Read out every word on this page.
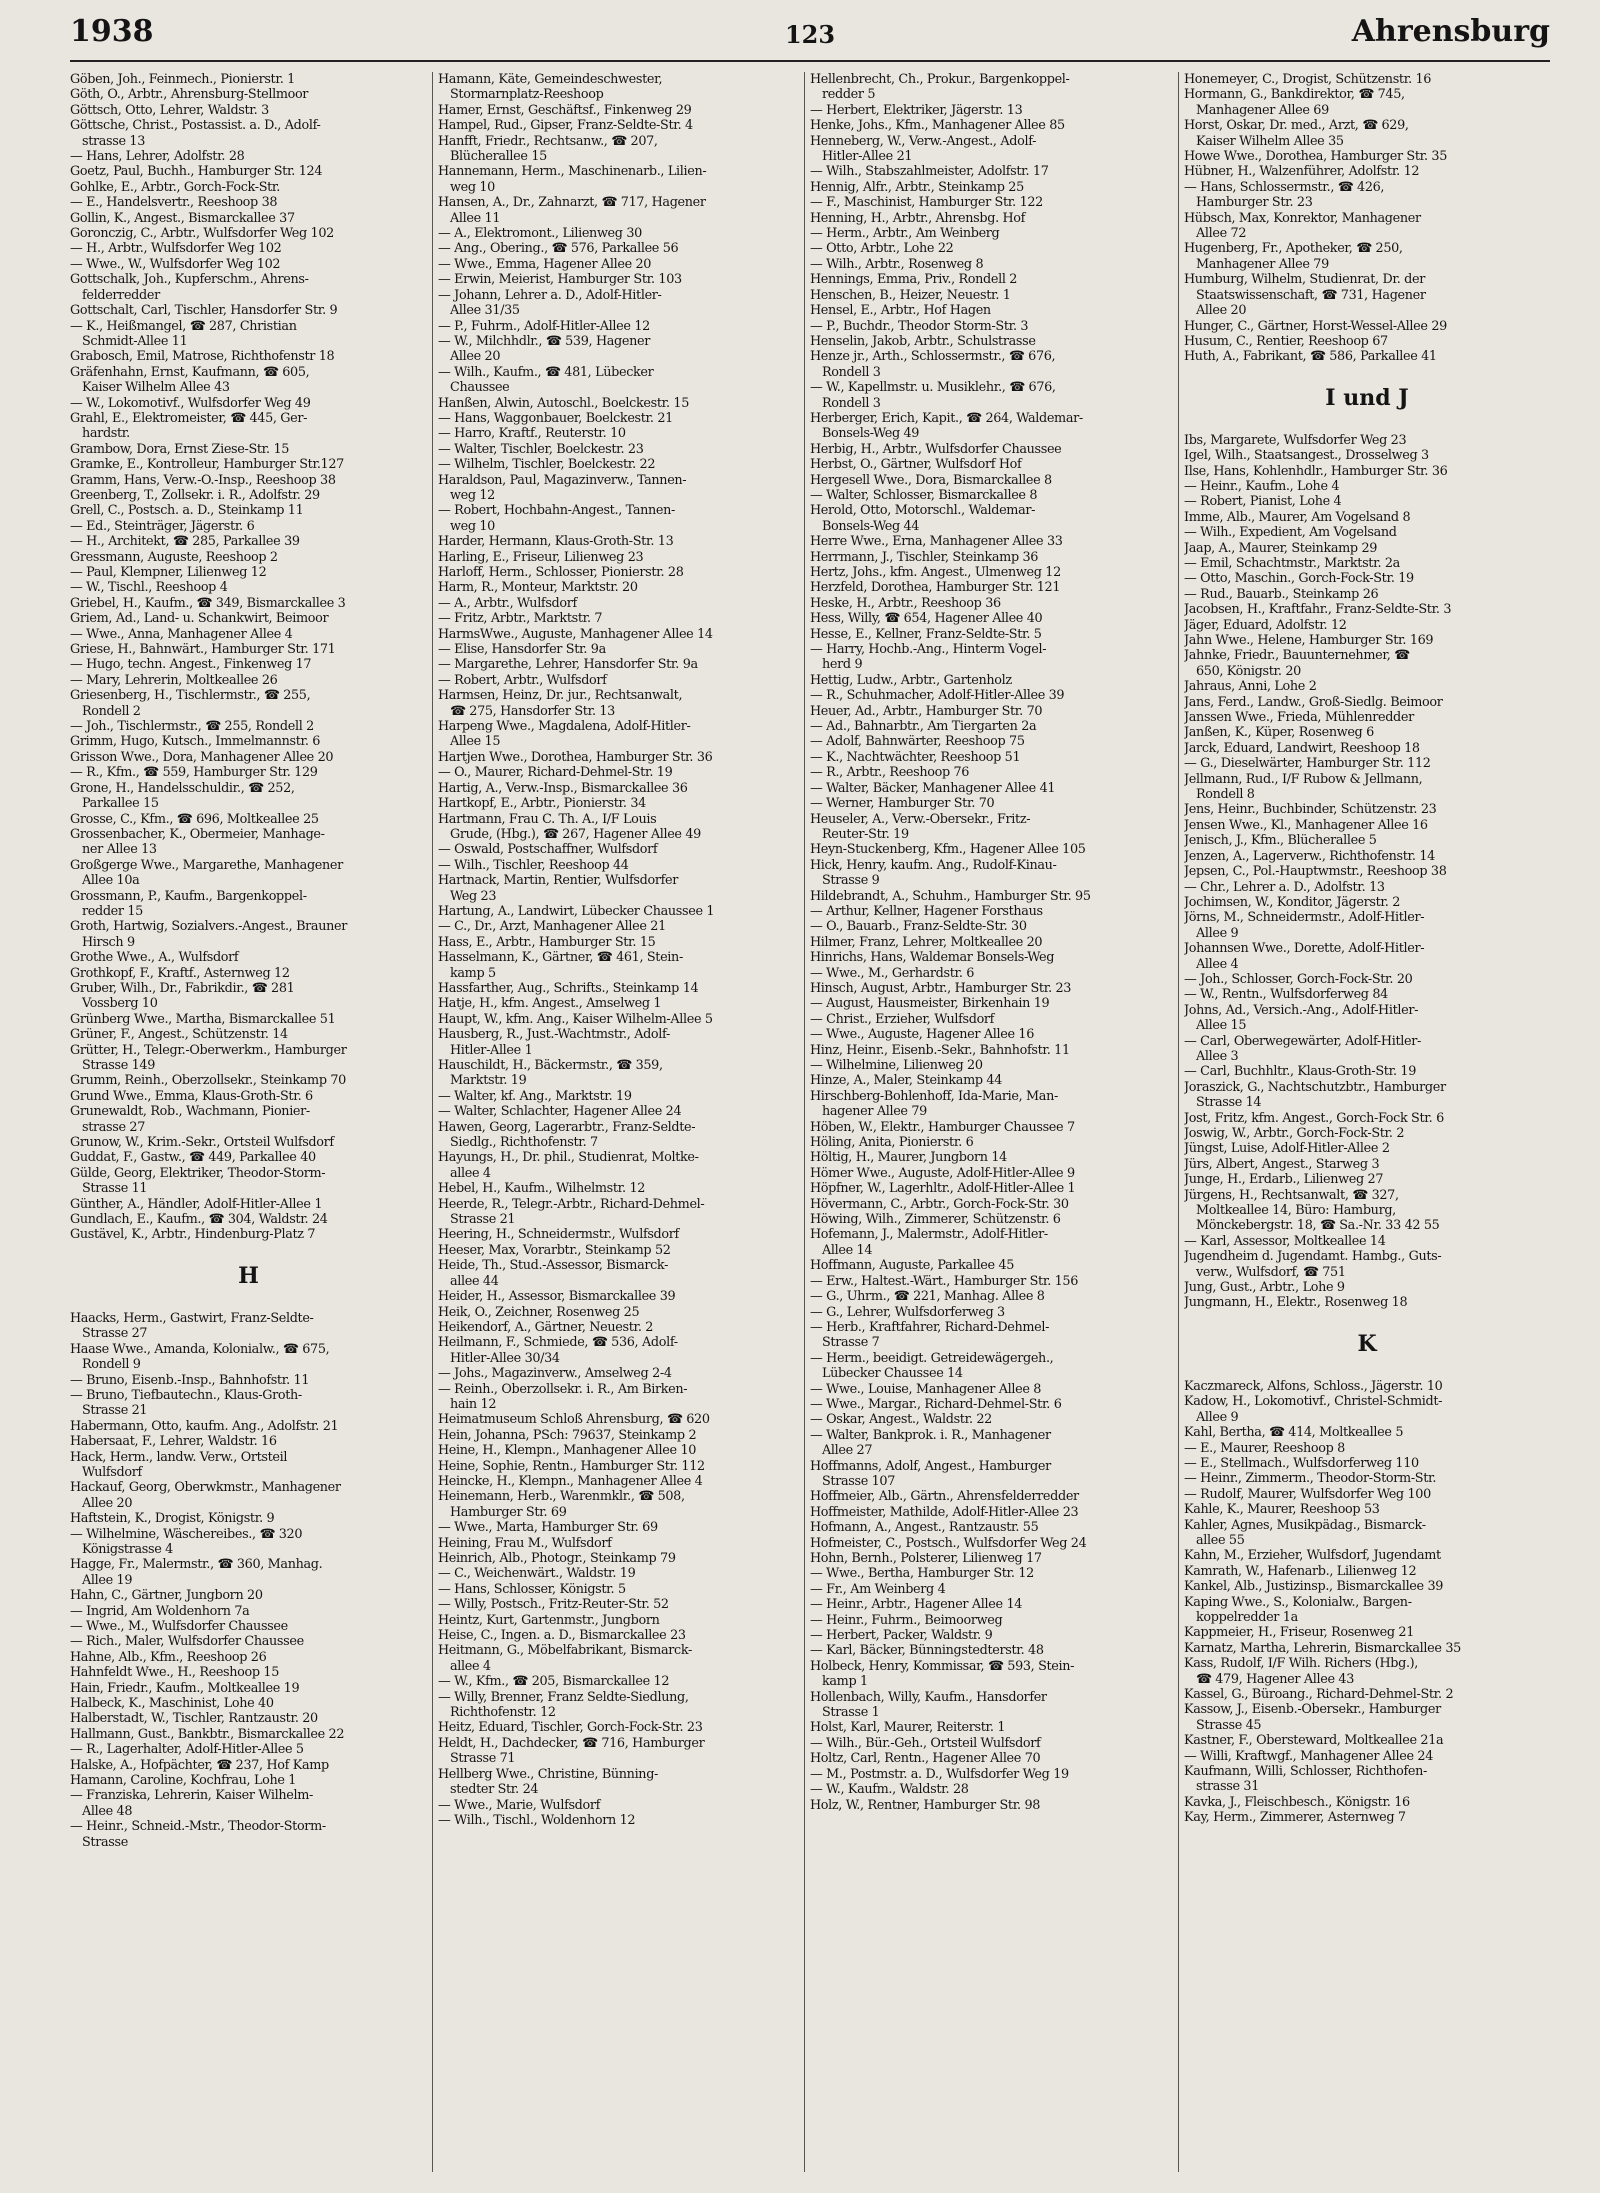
1938	123	Ahrensburg
Göben, Joh., Feinmech., Pionierstr. 1
Göth, O., Arbtr., Ahrensburg-Stellmoor
Göttsch, Otto, Lehrer, Waldstr. 3
Göttsche, Christ., Postassist. a. D., Adolf-
strasse 13
— Hans, Lehrer, Adolfstr. 28
Goetz, Paul, Buchh., Hamburger Str. 124
Gohlke, E., Arbtr., Gorch-Fock-Str.
— E., Handelsvertr., Reeshoop 38
Gollin, K., Angest., Bismarckallee 37
Goronczig, C., Arbtr., Wulfsdorfer Weg 102
— H., Arbtr., Wulfsdorfer Weg 102
— Wwe., W., Wulfsdorfer Weg 102
Gottschalk, Joh., Kupferschm., Ahrens-
felderredder
Gottschalt, Carl, Tischler, Hansdorfer Str. 9
— K., Heißmangel, ☎ 287, Christian
Schmidt-Allee 11
Grabosch, Emil, Matrose, Richthofenstr 18
Gräfenhahn, Ernst, Kaufmann, ☎ 605,
Kaiser Wilhelm Allee 43
— W., Lokomotivf., Wulfsdorfer Weg 49
Grahl, E., Elektromeister, ☎ 445, Ger-
hardstr.
Grambow, Dora, Ernst Ziese-Str. 15
Gramke, E., Kontrolleur, Hamburger Str.127
Gramm, Hans, Verw.-O.-Insp., Reeshoop 38
Greenberg, T., Zollsekr. i. R., Adolfstr. 29
Grell, C., Postsch. a. D., Steinkamp 11
— Ed., Steinträger, Jägerstr. 6
— H., Architekt, ☎ 285, Parkallee 39
Gressmann, Auguste, Reeshoop 2
— Paul, Klempner, Lilienweg 12
— W., Tischl., Reeshoop 4
Griebel, H., Kaufm., ☎ 349, Bismarckallee 3
Griem, Ad., Land- u. Schankwirt, Beimoor
— Wwe., Anna, Manhagener Allee 4
Griese, H., Bahnwärt., Hamburger Str. 171
— Hugo, techn. Angest., Finkenweg 17
— Mary, Lehrerin, Moltkeallee 26
Griesenberg, H., Tischlermstr., ☎ 255,
Rondell 2
— Joh., Tischlermstr., ☎ 255, Rondell 2
Grimm, Hugo, Kutsch., Immelmannstr. 6
Grisson Wwe., Dora, Manhagener Allee 20
— R., Kfm., ☎ 559, Hamburger Str. 129
Grone, H., Handelsschuldir., ☎ 252,
Parkallee 15
Grosse, C., Kfm., ☎ 696, Moltkeallee 25
Grossenbacher, K., Obermeier, Manhage-
ner Allee 13
Großgerge Wwe., Margarethe, Manhagener
Allee 10a
Grossmann, P., Kaufm., Bargenkoppel-
redder 15
Groth, Hartwig, Sozialvers.-Angest., Brauner
Hirsch 9
Grothe Wwe., A., Wulfsdorf
Grothkopf, F., Kraftf., Asternweg 12
Gruber, Wilh., Dr., Fabrikdir., ☎ 281
Vossberg 10
Grünberg Wwe., Martha, Bismarckallee 51
Grüner, F., Angest., Schützenstr. 14
Grütter, H., Telegr.-Oberwerkm., Hamburger
Strasse 149
Grumm, Reinh., Oberzollsekr., Steinkamp 70
Grund Wwe., Emma, Klaus-Groth-Str. 6
Grunewaldt, Rob., Wachmann, Pionier-
strasse 27
Grunow, W., Krim.-Sekr., Ortsteil Wulfsdorf
Guddat, F., Gastw., ☎ 449, Parkallee 40
Gülde, Georg, Elektriker, Theodor-Storm-
Strasse 11
Günther, A., Händler, Adolf-Hitler-Allee 1
Gundlach, E., Kaufm., ☎ 304, Waldstr. 24
Gustävel, K., Arbtr., Hindenburg-Platz 7
H
Haacks, Herm., Gastwirt, Franz-Seldte-
Strasse 27
Haase Wwe., Amanda, Kolonialw., ☎ 675,
Rondell 9
— Bruno, Eisenb.-Insp., Bahnhofstr. 11
— Bruno, Tiefbautechn., Klaus-Groth-
Strasse 21
Habermann, Otto, kaufm. Ang., Adolfstr. 21
Habersaat, F., Lehrer, Waldstr. 16
Hack, Herm., landw. Verw., Ortsteil
Wulfsdorf
Hackauf, Georg, Oberwkmstr., Manhagener
Allee 20
Haftstein, K., Drogist, Königstr. 9
— Wilhelmine, Wäschereibes., ☎ 320
Königstrasse 4
Hagge, Fr., Malermstr., ☎ 360, Manhag.
Allee 19
Hahn, C., Gärtner, Jungborn 20
— Ingrid, Am Woldenhorn 7a
— Wwe., M., Wulfsdorfer Chaussee
— Rich., Maler, Wulfsdorfer Chaussee
Hahne, Alb., Kfm., Reeshoop 26
Hahnfeldt Wwe., H., Reeshoop 15
Hain, Friedr., Kaufm., Moltkeallee 19
Halbeck, K., Maschinist, Lohe 40
Halberstadt, W., Tischler, Rantzaustr. 20
Hallmann, Gust., Bankbtr., Bismarckallee 22
— R., Lagerhalter, Adolf-Hitler-Allee 5
Halske, A., Hofpächter, ☎ 237, Hof Kamp
Hamann, Caroline, Kochfrau, Lohe 1
— Franziska, Lehrerin, Kaiser Wilhelm-
Allee 48
— Heinr., Schneid.-Mstr., Theodor-Storm-
Strasse
Hamann, Käte, Gemeindeschwester,
Stormarnplatz-Reeshoop
Hamer, Ernst, Geschäftsf., Finkenweg 29
Hampel, Rud., Gipser, Franz-Seldte-Str. 4
Hanfft, Friedr., Rechtsanw., ☎ 207,
Blücherallee 15
Hannemann, Herm., Maschinenarb., Lilien-
weg 10
Hansen, A., Dr., Zahnarzt, ☎ 717, Hagener
Allee 11
— A., Elektromont., Lilienweg 30
— Ang., Obering., ☎ 576, Parkallee 56
— Wwe., Emma, Hagener Allee 20
— Erwin, Meierist, Hamburger Str. 103
— Johann, Lehrer a. D., Adolf-Hitler-
Allee 31/35
— P., Fuhrm., Adolf-Hitler-Allee 12
— W., Milchhdlr., ☎ 539, Hagener
Allee 20
— Wilh., Kaufm., ☎ 481, Lübecker
Chaussee
Hanßen, Alwin, Autoschl., Boelckestr. 15
— Hans, Waggonbauer, Boelckestr. 21
— Harro, Kraftf., Reuterstr. 10
— Walter, Tischler, Boelckestr. 23
— Wilhelm, Tischler, Boelckestr. 22
Haraldson, Paul, Magazinverw., Tannen-
weg 12
— Robert, Hochbahn-Angest., Tannen-
weg 10
Harder, Hermann, Klaus-Groth-Str. 13
Harling, E., Friseur, Lilienweg 23
Harloff, Herm., Schlosser, Pionierstr. 28
Harm, R., Monteur, Marktstr. 20
— A., Arbtr., Wulfsdorf
— Fritz, Arbtr., Marktstr. 7
HarmsWwe., Auguste, Manhagener Allee 14
— Elise, Hansdorfer Str. 9a
— Margarethe, Lehrer, Hansdorfer Str. 9a
— Robert, Arbtr., Wulfsdorf
Harmsen, Heinz, Dr. jur., Rechtsanwalt,
☎ 275, Hansdorfer Str. 13
Harpeng Wwe., Magdalena, Adolf-Hitler-
Allee 15
Hartjen Wwe., Dorothea, Hamburger Str. 36
— O., Maurer, Richard-Dehmel-Str. 19
Hartig, A., Verw.-Insp., Bismarckallee 36
Hartkopf, E., Arbtr., Pionierstr. 34
Hartmann, Frau C. Th. A., I/F Louis
Grude, (Hbg.), ☎ 267, Hagener Allee 49
— Oswald, Postschaffner, Wulfsdorf
— Wilh., Tischler, Reeshoop 44
Hartnack, Martin, Rentier, Wulfsdorfer
Weg 23
Hartung, A., Landwirt, Lübecker Chaussee 1
— C., Dr., Arzt, Manhagener Allee 21
Hass, E., Arbtr., Hamburger Str. 15
Hasselmann, K., Gärtner, ☎ 461, Stein-
kamp 5
Hassfarther, Aug., Schrifts., Steinkamp 14
Hatje, H., kfm. Angest., Amselweg 1
Haupt, W., kfm. Ang., Kaiser Wilhelm-Allee 5
Hausberg, R., Just.-Wachtmstr., Adolf-
Hitler-Allee 1
Hauschildt, H., Bäckermstr., ☎ 359,
Marktstr. 19
— Walter, kf. Ang., Marktstr. 19
— Walter, Schlachter, Hagener Allee 24
Hawen, Georg, Lagerarbtr., Franz-Seldte-
Siedlg., Richthofenstr. 7
Hayungs, H., Dr. phil., Studienrat, Moltke-
allee 4
Hebel, H., Kaufm., Wilhelmstr. 12
Heerde, R., Telegr.-Arbtr., Richard-Dehmel-
Strasse 21
Heering, H., Schneidermstr., Wulfsdorf
Heeser, Max, Vorarbtr., Steinkamp 52
Heide, Th., Stud.-Assessor, Bismarck-
allee 44
Heider, H., Assessor, Bismarckallee 39
Heik, O., Zeichner, Rosenweg 25
Heikendorf, A., Gärtner, Neuestr. 2
Heilmann, F., Schmiede, ☎ 536, Adolf-
Hitler-Allee 30/34
— Johs., Magazinverw., Amselweg 2-4
— Reinh., Oberzollsekr. i. R., Am Birken-
hain 12
Heimatmuseum Schloß Ahrensburg, ☎ 620
Hein, Johanna, PSch: 79637, Steinkamp 2
Heine, H., Klempn., Manhagener Allee 10
Heine, Sophie, Rentn., Hamburger Str. 112
Heincke, H., Klempn., Manhagener Allee 4
Heinemann, Herb., Warenmklr., ☎ 508,
Hamburger Str. 69
— Wwe., Marta, Hamburger Str. 69
Heining, Frau M., Wulfsdorf
Heinrich, Alb., Photogr., Steinkamp 79
— C., Weichenwärt., Waldstr. 19
— Hans, Schlosser, Königstr. 5
— Willy, Postsch., Fritz-Reuter-Str. 52
Heintz, Kurt, Gartenmstr., Jungborn
Heise, C., Ingen. a. D., Bismarckallee 23
Heitmann, G., Möbelfabrikant, Bismarck-
allee 4
— W., Kfm., ☎ 205, Bismarckallee 12
— Willy, Brenner, Franz Seldte-Siedlung,
Richthofenstr. 12
Heitz, Eduard, Tischler, Gorch-Fock-Str. 23
Heldt, H., Dachdecker, ☎ 716, Hamburger
Strasse 71
Hellberg Wwe., Christine, Bünning-
stedter Str. 24
— Wwe., Marie, Wulfsdorf
— Wilh., Tischl., Woldenhorn 12
Hellenbrecht, Ch., Prokur., Bargenkoppel-
redder 5
— Herbert, Elektriker, Jägerstr. 13
Henke, Johs., Kfm., Manhagener Allee 85
Henneberg, W., Verw.-Angest., Adolf-
Hitler-Allee 21
— Wilh., Stabszahlmeister, Adolfstr. 17
Hennig, Alfr., Arbtr., Steinkamp 25
— F., Maschinist, Hamburger Str. 122
Henning, H., Arbtr., Ahrensbg. Hof
— Herm., Arbtr., Am Weinberg
— Otto, Arbtr., Lohe 22
— Wilh., Arbtr., Rosenweg 8
Hennings, Emma, Priv., Rondell 2
Henschen, B., Heizer, Neuestr. 1
Hensel, E., Arbtr., Hof Hagen
— P., Buchdr., Theodor Storm-Str. 3
Henselin, Jakob, Arbtr., Schulstrasse
Henze jr., Arth., Schlossermstr., ☎ 676,
Rondell 3
— W., Kapellmstr. u. Musiklehr., ☎ 676,
Rondell 3
Herberger, Erich, Kapit., ☎ 264, Waldemar-
Bonsels-Weg 49
Herbig, H., Arbtr., Wulfsdorfer Chaussee
Herbst, O., Gärtner, Wulfsdorf Hof
Hergesell Wwe., Dora, Bismarckallee 8
— Walter, Schlosser, Bismarckallee 8
Herold, Otto, Motorschl., Waldemar-
Bonsels-Weg 44
Herre Wwe., Erna, Manhagener Allee 33
Herrmann, J., Tischler, Steinkamp 36
Hertz, Johs., kfm. Angest., Ulmenweg 12
Herzfeld, Dorothea, Hamburger Str. 121
Heske, H., Arbtr., Reeshoop 36
Hess, Willy, ☎ 654, Hagener Allee 40
Hesse, E., Kellner, Franz-Seldte-Str. 5
— Harry, Hochb.-Ang., Hinterm Vogel-
herd 9
Hettig, Ludw., Arbtr., Gartenholz
— R., Schuhmacher, Adolf-Hitler-Allee 39
Heuer, Ad., Arbtr., Hamburger Str. 70
— Ad., Bahnarbtr., Am Tiergarten 2a
— Adolf, Bahnwärter, Reeshoop 75
— K., Nachtwächter, Reeshoop 51
— R., Arbtr., Reeshoop 76
— Walter, Bäcker, Manhagener Allee 41
— Werner, Hamburger Str. 70
Heuseler, A., Verw.-Obersekr., Fritz-
Reuter-Str. 19
Heyn-Stuckenberg, Kfm., Hagener Allee 105
Hick, Henry, kaufm. Ang., Rudolf-Kinau-
Strasse 9
Hildebrandt, A., Schuhm., Hamburger Str. 95
— Arthur, Kellner, Hagener Forsthaus
— O., Bauarb., Franz-Seldte-Str. 30
Hilmer, Franz, Lehrer, Moltkeallee 20
Hinrichs, Hans, Waldemar Bonsels-Weg
— Wwe., M., Gerhardstr. 6
Hinsch, August, Arbtr., Hamburger Str. 23
— August, Hausmeister, Birkenhain 19
— Christ., Erzieher, Wulfsdorf
— Wwe., Auguste, Hagener Allee 16
Hinz, Heinr., Eisenb.-Sekr., Bahnhofstr. 11
— Wilhelmine, Lilienweg 20
Hinze, A., Maler, Steinkamp 44
Hirschberg-Bohlenhoff, Ida-Marie, Man-
hagener Allee 79
Höben, W., Elektr., Hamburger Chaussee 7
Höling, Anita, Pionierstr. 6
Höltig, H., Maurer, Jungborn 14
Hömer Wwe., Auguste, Adolf-Hitler-Allee 9
Höpfner, W., Lagerhltr., Adolf-Hitler-Allee 1
Hövermann, C., Arbtr., Gorch-Fock-Str. 30
Höwing, Wilh., Zimmerer, Schützenstr. 6
Hofemann, J., Malermstr., Adolf-Hitler-
Allee 14
Hoffmann, Auguste, Parkallee 45
— Erw., Haltest.-Wärt., Hamburger Str. 156
— G., Uhrm., ☎ 221, Manhag. Allee 8
— G., Lehrer, Wulfsdorferweg 3
— Herb., Kraftfahrer, Richard-Dehmel-
Strasse 7
— Herm., beeidigt. Getreidewägergeh.,
Lübecker Chaussee 14
— Wwe., Louise, Manhagener Allee 8
— Wwe., Margar., Richard-Dehmel-Str. 6
— Oskar, Angest., Waldstr. 22
— Walter, Bankprok. i. R., Manhagener
Allee 27
Hoffmanns, Adolf, Angest., Hamburger
Strasse 107
Hoffmeier, Alb., Gärtn., Ahrensfelderredder
Hoffmeister, Mathilde, Adolf-Hitler-Allee 23
Hofmann, A., Angest., Rantzaustr. 55
Hofmeister, C., Postsch., Wulfsdorfer Weg 24
Hohn, Bernh., Polsterer, Lilienweg 17
— Wwe., Bertha, Hamburger Str. 12
— Fr., Am Weinberg 4
— Heinr., Arbtr., Hagener Allee 14
— Heinr., Fuhrm., Beimoorweg
— Herbert, Packer, Waldstr. 9
— Karl, Bäcker, Bünningstedterstr. 48
Holbeck, Henry, Kommissar, ☎ 593, Stein-
kamp 1
Hollenbach, Willy, Kaufm., Hansdorfer
Strasse 1
Holst, Karl, Maurer, Reiterstr. 1
— Wilh., Bür.-Geh., Ortsteil Wulfsdorf
Holtz, Carl, Rentn., Hagener Allee 70
— M., Postmstr. a. D., Wulfsdorfer Weg 19
— W., Kaufm., Waldstr. 28
Holz, W., Rentner, Hamburger Str. 98
Honemeyer, C., Drogist, Schützenstr. 16
Hormann, G., Bankdirektor, ☎ 745,
Manhagener Allee 69
Horst, Oskar, Dr. med., Arzt, ☎ 629,
Kaiser Wilhelm Allee 35
Howe Wwe., Dorothea, Hamburger Str. 35
Hübner, H., Walzenführer, Adolfstr. 12
— Hans, Schlossermstr., ☎ 426,
Hamburger Str. 23
Hübsch, Max, Konrektor, Manhagener
Allee 72
Hugenberg, Fr., Apotheker, ☎ 250,
Manhagener Allee 79
Humburg, Wilhelm, Studienrat, Dr. der
Staatswissenschaft, ☎ 731, Hagener
Allee 20
Hunger, C., Gärtner, Horst-Wessel-Allee 29
Husum, C., Rentier, Reeshoop 67
Huth, A., Fabrikant, ☎ 586, Parkallee 41
I und J
Ibs, Margarete, Wulfsdorfer Weg 23
Igel, Wilh., Staatsangest., Drosselweg 3
Ilse, Hans, Kohlenhdlr., Hamburger Str. 36
— Heinr., Kaufm., Lohe 4
— Robert, Pianist, Lohe 4
Imme, Alb., Maurer, Am Vogelsand 8
— Wilh., Expedient, Am Vogelsand
Jaap, A., Maurer, Steinkamp 29
— Emil, Schachtmstr., Marktstr. 2a
— Otto, Maschin., Gorch-Fock-Str. 19
— Rud., Bauarb., Steinkamp 26
Jacobsen, H., Kraftfahr., Franz-Seldte-Str. 3
Jäger, Eduard, Adolfstr. 12
Jahn Wwe., Helene, Hamburger Str. 169
Jahnke, Friedr., Bauunternehmer, ☎
650, Königstr. 20
Jahraus, Anni, Lohe 2
Jans, Ferd., Landw., Groß-Siedlg. Beimoor
Janssen Wwe., Frieda, Mühlenredder
Janßen, K., Küper, Rosenweg 6
Jarck, Eduard, Landwirt, Reeshoop 18
— G., Dieselwärter, Hamburger Str. 112
Jellmann, Rud., I/F Rubow & Jellmann,
Rondell 8
Jens, Heinr., Buchbinder, Schützenstr. 23
Jensen Wwe., Kl., Manhagener Allee 16
Jenisch, J., Kfm., Blücherallee 5
Jenzen, A., Lagerverw., Richthofenstr. 14
Jepsen, C., Pol.-Hauptwmstr., Reeshoop 38
— Chr., Lehrer a. D., Adolfstr. 13
Jochimsen, W., Konditor, Jägerstr. 2
Jörns, M., Schneidermstr., Adolf-Hitler-
Allee 9
Johannsen Wwe., Dorette, Adolf-Hitler-
Allee 4
— Joh., Schlosser, Gorch-Fock-Str. 20
— W., Rentn., Wulfsdorferweg 84
Johns, Ad., Versich.-Ang., Adolf-Hitler-
Allee 15
— Carl, Oberwegewärter, Adolf-Hitler-
Allee 3
— Carl, Buchhltr., Klaus-Groth-Str. 19
Joraszick, G., Nachtschutzbtr., Hamburger
Strasse 14
Jost, Fritz, kfm. Angest., Gorch-Fock Str. 6
Joswig, W., Arbtr., Gorch-Fock-Str. 2
Jüngst, Luise, Adolf-Hitler-Allee 2
Jürs, Albert, Angest., Starweg 3
Junge, H., Erdarb., Lilienweg 27
Jürgens, H., Rechtsanwalt, ☎ 327,
Moltkeallee 14, Büro: Hamburg,
Mönckebergstr. 18, ☎ Sa.-Nr. 33 42 55
— Karl, Assessor, Moltkeallee 14
Jugendheim d. Jugendamt. Hambg., Guts-
verw., Wulfsdorf, ☎ 751
Jung, Gust., Arbtr., Lohe 9
Jungmann, H., Elektr., Rosenweg 18
K
Kaczmareck, Alfons, Schloss., Jägerstr. 10
Kadow, H., Lokomotivf., Christel-Schmidt-
Allee 9
Kahl, Bertha, ☎ 414, Moltkeallee 5
— E., Maurer, Reeshoop 8
— E., Stellmach., Wulfsdorferweg 110
— Heinr., Zimmerm., Theodor-Storm-Str.
— Rudolf, Maurer, Wulfsdorfer Weg 100
Kahle, K., Maurer, Reeshoop 53
Kahler, Agnes, Musikpädag., Bismarck-
allee 55
Kahn, M., Erzieher, Wulfsdorf, Jugendamt
Kamrath, W., Hafenarb., Lilienweg 12
Kankel, Alb., Justizinsp., Bismarckallee 39
Kaping Wwe., S., Kolonialw., Bargen-
koppelredder 1a
Kappmeier, H., Friseur, Rosenweg 21
Karnatz, Martha, Lehrerin, Bismarckallee 35
Kass, Rudolf, I/F Wilh. Richers (Hbg.),
☎ 479, Hagener Allee 43
Kassel, G., Büroang., Richard-Dehmel-Str. 2
Kassow, J., Eisenb.-Obersekr., Hamburger
Strasse 45
Kastner, F., Obersteward, Moltkeallee 21a
— Willi, Kraftwgf., Manhagener Allee 24
Kaufmann, Willi, Schlosser, Richthofen-
strasse 31
Kavka, J., Fleischbesch., Königstr. 16
Kay, Herm., Zimmerer, Asternweg 7
